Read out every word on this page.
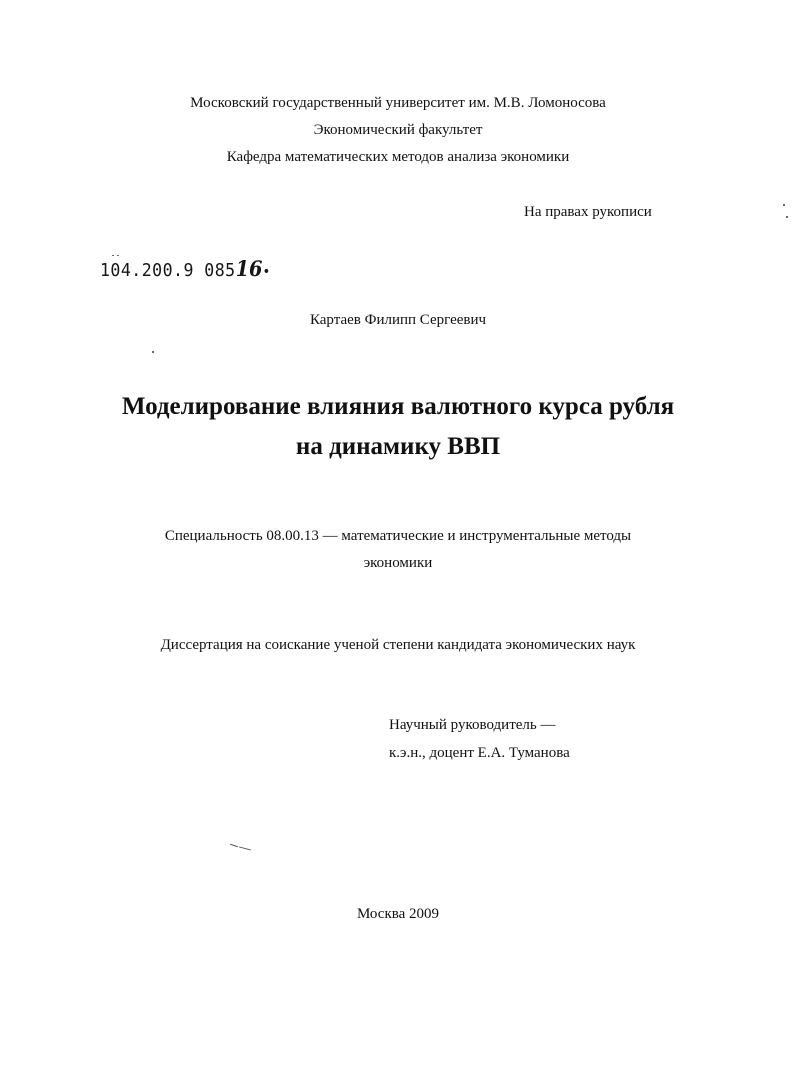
Московский государственный университет им. М.В. Ломоносова
Экономический факультет
Кафедра математических методов анализа экономики
На правах рукописи
104.200.9 08516•
Картаев Филипп Сергеевич
Моделирование влияния валютного курса рубля
на динамику ВВП
Специальность 08.00.13 — математические и инструментальные методы
экономики
Диссертация на соискание ученой степени кандидата экономических наук
Научный руководитель —
к.э.н., доцент Е.А. Туманова
Москва 2009
